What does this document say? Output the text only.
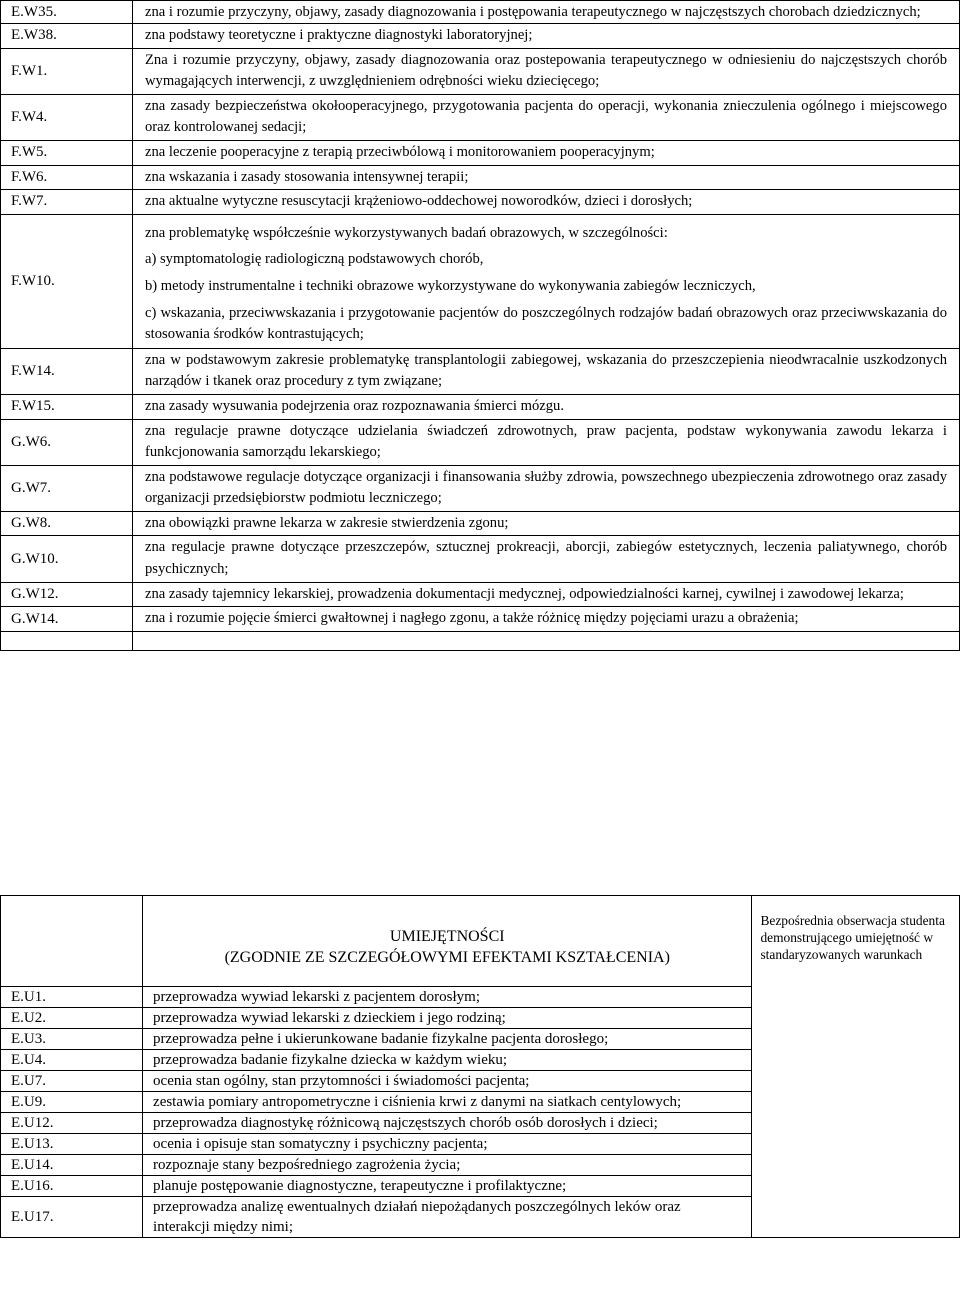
E.W35.	zna i rozumie przyczyny, objawy, zasady diagnozowania i postępowania terapeutycznego w najczęstszych chorobach dziedzicznych;

E.W38.	zna podstawy teoretyczne i praktyczne diagnostyki laboratoryjnej;

F.W1.	Zna i rozumie przyczyny, objawy, zasady diagnozowania oraz postepowania terapeutycznego w odniesieniu do najczęstszych chorób wymagających interwencji, z uwzględnieniem odrębności wieku dziecięcego;

F.W4.	zna zasady bezpieczeństwa okołooperacyjnego, przygotowania pacjenta do operacji, wykonania znieczulenia ogólnego i miejscowego oraz kontrolowanej sedacji;

F.W5.	zna leczenie pooperacyjne z terapią przeciwbólową i monitorowaniem pooperacyjnym;

F.W6.	zna wskazania i zasady stosowania intensywnej terapii;

F.W7.	zna aktualne wytyczne resuscytacji krążeniowo-oddechowej noworodków, dzieci i dorosłych;

F.W10.	zna problematykę współcześnie wykorzystywanych badań obrazowych, w szczególności:
a) symptomatologię radiologiczną podstawowych chorób,
b) metody instrumentalne i techniki obrazowe wykorzystywane do wykonywania zabiegów leczniczych,
c) wskazania, przeciwwskazania i przygotowanie pacjentów do poszczególnych rodzajów badań obrazowych oraz przeciwwskazania do stosowania środków kontrastujących;

F.W14.	zna w podstawowym zakresie problematykę transplantologii zabiegowej, wskazania do przeszczepienia nieodwracalnie uszkodzonych narządów i tkanek oraz procedury z tym związane;

F.W15.	zna zasady wysuwania podejrzenia oraz rozpoznawania śmierci mózgu.

G.W6.	zna regulacje prawne dotyczące udzielania świadczeń zdrowotnych, praw pacjenta, podstaw wykonywania zawodu lekarza i funkcjonowania samorządu lekarskiego;

G.W7.	zna podstawowe regulacje dotyczące organizacji i finansowania służby zdrowia, powszechnego ubezpieczenia zdrowotnego oraz zasady organizacji przedsiębiorstw podmiotu leczniczego;

G.W8.	zna obowiązki prawne lekarza w zakresie stwierdzenia zgonu;

G.W10.	zna regulacje prawne dotyczące przeszczepów, sztucznej prokreacji, aborcji, zabiegów estetycznych, leczenia paliatywnego, chorób psychicznych;

G.W12.	zna zasady tajemnicy lekarskiej, prowadzenia dokumentacji medycznej, odpowiedzialności karnej, cywilnej i zawodowej lekarza;

G.W14.	zna i rozumie pojęcie śmierci gwałtownej i nagłego zgonu, a także różnicę między pojęciami urazu a obrażenia;

	UMIEJĘTNOŚCI
(ZGODNIE ZE SZCZEGÓŁOWYMI EFEKTAMI KSZTAŁCENIA)	Bezpośrednia obserwacja studenta demonstrującego umiejętność w standaryzowanych warunkach

E.U1.	przeprowadza wywiad lekarski z pacjentem dorosłym;	
E.U2.	przeprowadza wywiad lekarski z dzieckiem i jego rodziną;	
E.U3.	przeprowadza pełne i ukierunkowane badanie fizykalne pacjenta dorosłego;	
E.U4.	przeprowadza badanie fizykalne dziecka w każdym wieku;	
E.U7.	ocenia stan ogólny, stan przytomności i świadomości pacjenta;	
E.U9.	zestawia pomiary antropometryczne i ciśnienia krwi z danymi na siatkach centylowych;	
E.U12.	przeprowadza diagnostykę różnicową najczęstszych chorób osób dorosłych i dzieci;	
E.U13.	ocenia i opisuje stan somatyczny i psychiczny pacjenta;	
E.U14.	rozpoznaje stany bezpośredniego zagrożenia życia;	
E.U16.	planuje postępowanie diagnostyczne, terapeutyczne i profilaktyczne;	
E.U17.	przeprowadza analizę ewentualnych działań niepożądanych poszczególnych leków oraz interakcji między nimi;	
